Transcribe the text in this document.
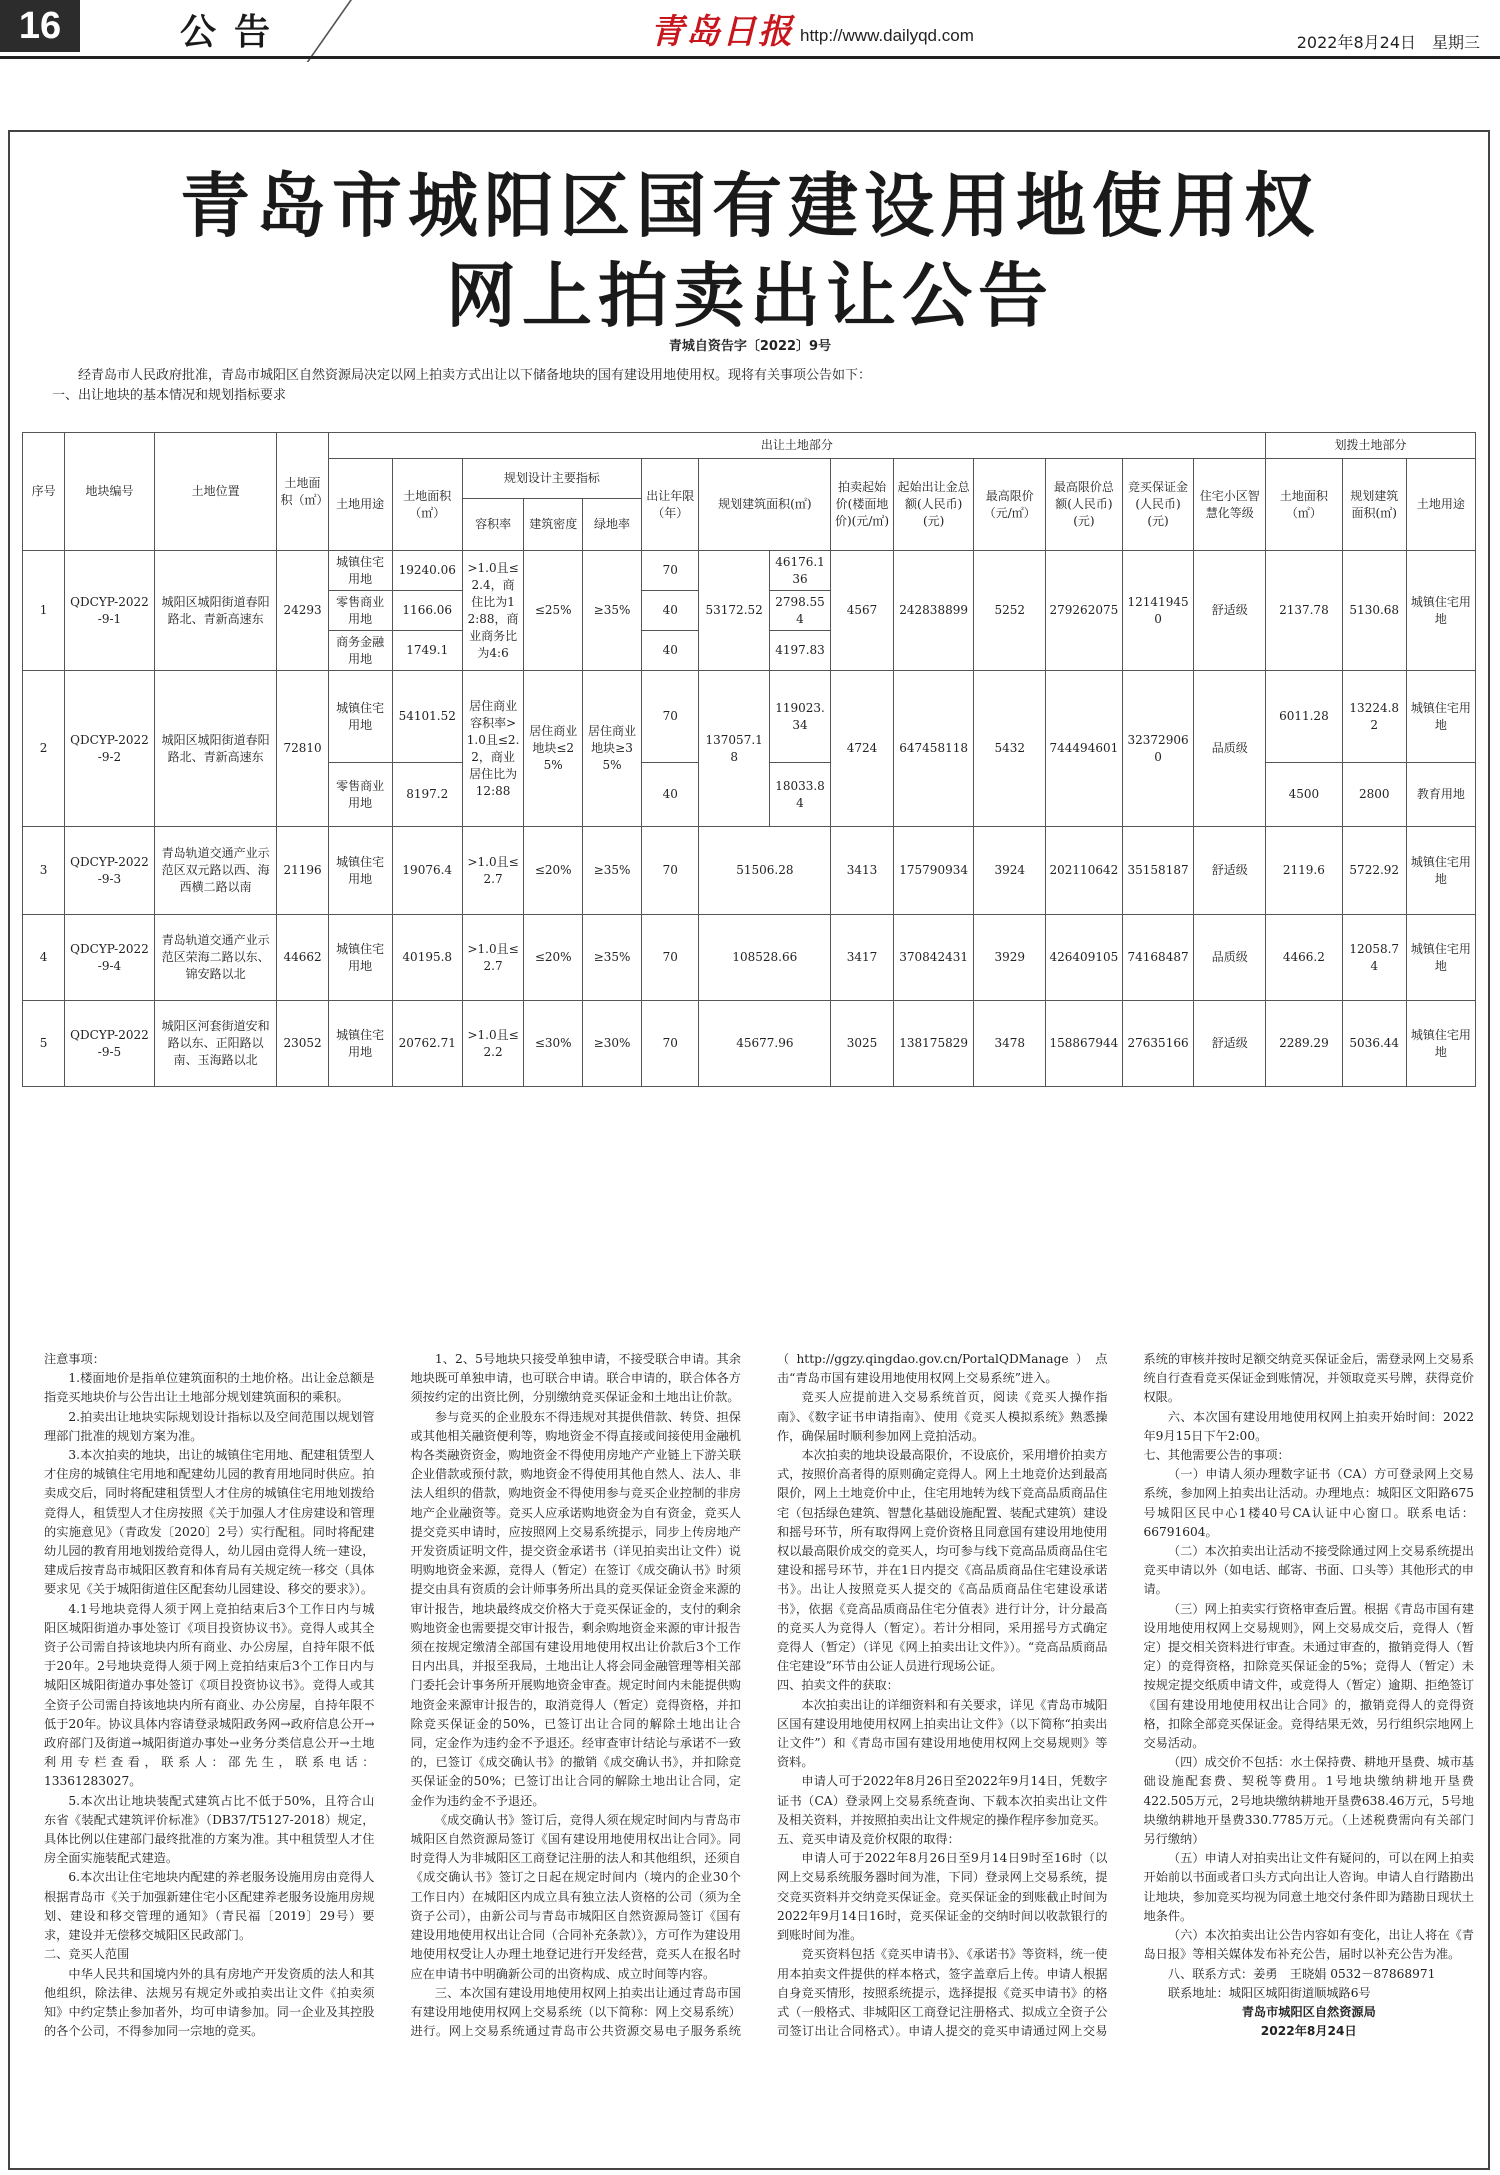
16	公告	青岛日报 http://www.dailyqd.com	2022年8月24日　星期三
青岛市城阳区国有建设用地使用权
网上拍卖出让公告
青城自资告字〔2022〕9号

经青岛市人民政府批准，青岛市城阳区自然资源局决定以网上拍卖方式出让以下储备地块的国有建设用地使用权。现将有关事项公告如下：

一、出让地块的基本情况和规划指标要求

序号	地块编号	土地位置	土地面积（㎡）	出让土地部分														划拨土地部分		
				土地用途	土地面积（㎡）	规划设计主要指标			出让年限（年）	规划建筑面积(㎡)		拍卖起始价(楼面地价)(元/㎡)	起始出让金总额(人民币)(元)	最高限价（元/㎡）	最高限价总额(人民币)(元)	竞买保证金(人民币)(元)	住宅小区智慧化等级	土地面积（㎡）	规划建筑面积(㎡)	土地用途
						容积率	建筑密度	绿地率												
1	QDCYP-2022-9-1	城阳区城阳街道春阳路北、青新高速东	24293	城镇住宅用地	19240.06	>1.0且≤2.4，商住比为12:88，商业商务比为4:6	≤25%	≥35%	70	53172.52	46176.136	4567	242838899	5252	279262075	121419450	舒适级	2137.78	5130.68	城镇住宅用地
				零售商业用地	1166.06				40		2798.554									
				商务金融用地	1749.1				40		4197.83									
2	QDCYP-2022-9-2	城阳区城阳街道春阳路北、青新高速东	72810	城镇住宅用地	54101.52	居住商业容积率>1.0且≤2.2，商业居住比为12:88	居住商业地块≤25%	居住商业地块≥35%	70	137057.18	119023.34	4724	647458118	5432	744494601	323729060	品质级	6011.28	13224.82	城镇住宅用地
				零售商业用地	8197.2				40		18033.84							4500	2800	教育用地
3	QDCYP-2022-9-3	青岛轨道交通产业示范区双元路以西、海西横二路以南	21196	城镇住宅用地	19076.4	>1.0且≤2.7	≤20%	≥35%	70	51506.28		3413	175790934	3924	202110642	35158187	舒适级	2119.6	5722.92	城镇住宅用地
4	QDCYP-2022-9-4	青岛轨道交通产业示范区荣海二路以东、锦安路以北	44662	城镇住宅用地	40195.8	>1.0且≤2.7	≤20%	≥35%	70	108528.66		3417	370842431	3929	426409105	74168487	品质级	4466.2	12058.74	城镇住宅用地
5	QDCYP-2022-9-5	城阳区河套街道安和路以东、正阳路以南、玉海路以北	23052	城镇住宅用地	20762.71	>1.0且≤2.2	≤30%	≥30%	70	45677.96		3025	138175829	3478	158867944	27635166	舒适级	2289.29	5036.44	城镇住宅用地

注意事项：

1.楼面地价是指单位建筑面积的土地价格。出让金总额是指竞买地块价与公告出让土地部分规划建筑面积的乘积。

2.拍卖出让地块实际规划设计指标以及空间范围以规划管理部门批准的规划方案为准。

3.本次拍卖的地块，出让的城镇住宅用地、配建租赁型人才住房的城镇住宅用地和配建幼儿园的教育用地同时供应。拍卖成交后，同时将配建租赁型人才住房的城镇住宅用地划拨给竞得人，租赁型人才住房按照《关于加强人才住房建设和管理的实施意见》（青政发〔2020〕2号）实行配租。同时将配建幼儿园的教育用地划拨给竞得人，幼儿园由竞得人统一建设，建成后按青岛市城阳区教育和体育局有关规定统一移交（具体要求见《关于城阳街道住区配套幼儿园建设、移交的要求》）。

4.1号地块竞得人须于网上竞拍结束后3个工作日内与城阳区城阳街道办事处签订《项目投资协议书》。竞得人或其全资子公司需自持该地块内所有商业、办公房屋，自持年限不低于20年。2号地块竞得人须于网上竞拍结束后3个工作日内与城阳区城阳街道办事处签订《项目投资协议书》。竞得人或其全资子公司需自持该地块内所有商业、办公房屋，自持年限不低于20年。协议具体内容请登录城阳政务网→政府信息公开→政府部门及街道→城阳街道办事处→业务分类信息公开→土地利用专栏查看，联系人：邵先生，联系电话：13361283027。

5.本次出让地块装配式建筑占比不低于50%，且符合山东省《装配式建筑评价标准》（DB37/T5127-2018）规定，具体比例以住建部门最终批准的方案为准。其中租赁型人才住房全面实施装配式建造。

6.本次出让住宅地块内配建的养老服务设施用房由竞得人根据青岛市《关于加强新建住宅小区配建养老服务设施用房规划、建设和移交管理的通知》（青民福〔2019〕29号）要求，建设并无偿移交城阳区民政部门。

二、竞买人范围

中华人民共和国境内外的具有房地产开发资质的法人和其他组织，除法律、法规另有规定外或拍卖出让文件《拍卖须知》中约定禁止参加者外，均可申请参加。同一企业及其控股的各个公司，不得参加同一宗地的竞买。

1、2、5号地块只接受单独申请，不接受联合申请。其余地块既可单独申请，也可联合申请。联合申请的，联合体各方须按约定的出资比例，分别缴纳竞买保证金和土地出让价款。

参与竞买的企业股东不得违规对其提供借款、转贷、担保或其他相关融资便利等，购地资金不得直接或间接使用金融机构各类融资资金，购地资金不得使用房地产产业链上下游关联企业借款或预付款，购地资金不得使用其他自然人、法人、非法人组织的借款，购地资金不得使用参与竞买企业控制的非房地产企业融资等。竞买人应承诺购地资金为自有资金，竞买人提交竞买申请时，应按照网上交易系统提示，同步上传房地产开发资质证明文件，提交资金承诺书（详见拍卖出让文件）说明购地资金来源，竞得人（暂定）在签订《成交确认书》时须提交由具有资质的会计师事务所出具的竞买保证金资金来源的审计报告，地块最终成交价格大于竞买保证金的，支付的剩余购地资金也需要提交审计报告，剩余购地资金来源的审计报告须在按规定缴清全部国有建设用地使用权出让价款后3个工作日内出具，并报至我局，土地出让人将会同金融管理等相关部门委托会计事务所开展购地资金审查。规定时间内未能提供购地资金来源审计报告的，取消竞得人（暂定）竞得资格，并扣除竞买保证金的50%，已签订出让合同的解除土地出让合同，定金作为违约金不予退还。经审查审计结论与承诺不一致的，已签订《成交确认书》的撤销《成交确认书》，并扣除竞买保证金的50%；已签订出让合同的解除土地出让合同，定金作为违约金不予退还。

《成交确认书》签订后，竞得人须在规定时间内与青岛市城阳区自然资源局签订《国有建设用地使用权出让合同》。同时竞得人为非城阳区工商登记注册的法人和其他组织，还须自《成交确认书》签订之日起在规定时间内（境内的企业30个工作日内）在城阳区内成立具有独立法人资格的公司（须为全资子公司），由新公司与青岛市城阳区自然资源局签订《国有建设用地使用权出让合同（合同补充条款）》，方可作为建设用地使用权受让人办理土地登记进行开发经营，竞买人在报名时应在申请书中明确新公司的出资构成、成立时间等内容。

三、本次国有建设用地使用权网上拍卖出让通过青岛市国有建设用地使用权网上交易系统（以下简称：网上交易系统）进行。网上交易系统通过青岛市公共资源交易电子服务系统（http://ggzy.qingdao.gov.cn/PortalQDManage）点击“青岛市国有建设用地使用权网上交易系统”进入。

竞买人应提前进入交易系统首页，阅读《竞买人操作指南》、《数字证书申请指南》、使用《竞买人模拟系统》熟悉操作，确保届时顺利参加网上竞拍活动。

本次拍卖的地块设最高限价，不设底价，采用增价拍卖方式，按照价高者得的原则确定竞得人。网上土地竞价达到最高限价，网上土地竞价中止，住宅用地转为线下竞高品质商品住宅（包括绿色建筑、智慧化基础设施配置、装配式建筑）建设和摇号环节，所有取得网上竞价资格且同意国有建设用地使用权以最高限价成交的竞买人，均可参与线下竞高品质商品住宅建设和摇号环节，并在1日内提交《高品质商品住宅建设承诺书》。出让人按照竞买人提交的《高品质商品住宅建设承诺书》，依据《竞高品质商品住宅分值表》进行计分，计分最高的竞买人为竞得人（暂定）。若计分相同，采用摇号方式确定竞得人（暂定）（详见《网上拍卖出让文件》）。“竞高品质商品住宅建设”环节由公证人员进行现场公证。

四、拍卖文件的获取：

本次拍卖出让的详细资料和有关要求，详见《青岛市城阳区国有建设用地使用权网上拍卖出让文件》（以下简称“拍卖出让文件”）和《青岛市国有建设用地使用权网上交易规则》等资料。

申请人可于2022年8月26日至2022年9月14日，凭数字证书（CA）登录网上交易系统查询、下载本次拍卖出让文件及相关资料，并按照拍卖出让文件规定的操作程序参加竞买。

五、竞买申请及竞价权限的取得：

申请人可于2022年8月26日至9月14日9时至16时（以网上交易系统服务器时间为准，下同）登录网上交易系统，提交竞买资料并交纳竞买保证金。竞买保证金的到账截止时间为2022年9月14日16时，竞买保证金的交纳时间以收款银行的到账时间为准。

竞买资料包括《竞买申请书》、《承诺书》等资料，统一使用本拍卖文件提供的样本格式，签字盖章后上传。申请人根据自身竞买情形，按照系统提示，选择提报《竞买申请书》的格式（一般格式、非城阳区工商登记注册格式、拟成立全资子公司签订出让合同格式）。申请人提交的竞买申请通过网上交易系统的审核并按时足额交纳竞买保证金后，需登录网上交易系统自行查看竞买保证金到账情况，并领取竞买号牌，获得竞价权限。

六、本次国有建设用地使用权网上拍卖开始时间：2022年9月15日下午2:00。

七、其他需要公告的事项：

（一）申请人须办理数字证书（CA）方可登录网上交易系统，参加网上拍卖出让活动。办理地点：城阳区文阳路675号城阳区民中心1楼40号CA认证中心窗口。联系电话：66791604。

（二）本次拍卖出让活动不接受除通过网上交易系统提出竞买申请以外（如电话、邮寄、书面、口头等）其他形式的申请。

（三）网上拍卖实行资格审查后置。根据《青岛市国有建设用地使用权网上交易规则》，网上交易成交后，竞得人（暂定）提交相关资料进行审查。未通过审查的，撤销竞得人（暂定）的竞得资格，扣除竞买保证金的5%；竞得人（暂定）未按规定提交纸质申请文件，或竞得人（暂定）逾期、拒绝签订《国有建设用地使用权出让合同》的，撤销竞得人的竞得资格，扣除全部竞买保证金。竞得结果无效，另行组织宗地网上交易活动。

（四）成交价不包括：水土保持费、耕地开垦费、城市基础设施配套费、契税等费用。1号地块缴纳耕地开垦费422.505万元，2号地块缴纳耕地开垦费638.46万元，5号地块缴纳耕地开垦费330.7785万元。（上述税费需向有关部门另行缴纳）

（五）申请人对拍卖出让文件有疑问的，可以在网上拍卖开始前以书面或者口头方式向出让人咨询。申请人自行踏勘出让地块，参加竞买均视为同意土地交付条件即为踏勘日现状土地条件。

（六）本次拍卖出让公告内容如有变化，出让人将在《青岛日报》等相关媒体发布补充公告，届时以补充公告为准。

八、联系方式：姜勇　王晓娟 0532－87868971

联系地址：城阳区城阳街道顺城路6号

青岛市城阳区自然资源局

2022年8月24日
